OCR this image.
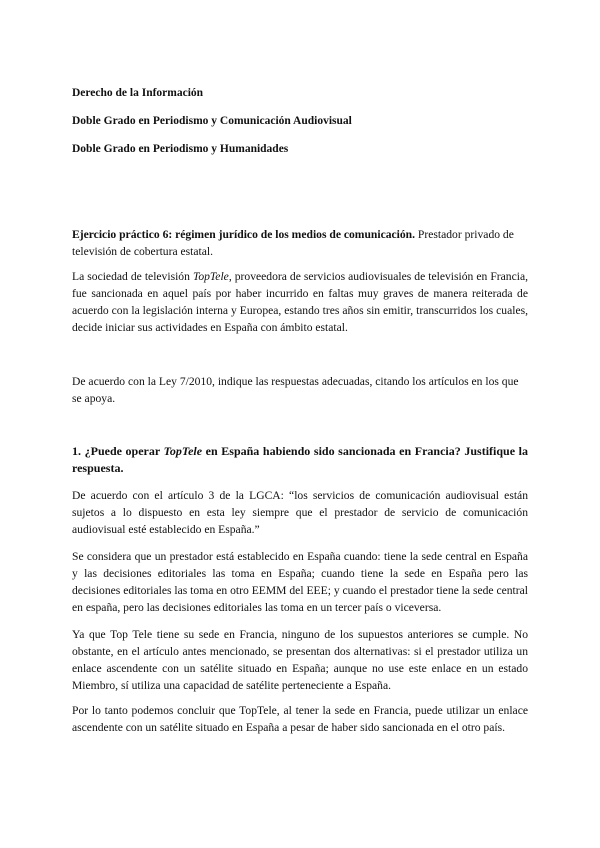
Derecho de la Información
Doble Grado en Periodismo y Comunicación Audiovisual
Doble Grado en Periodismo y Humanidades

Ejercicio práctico 6: régimen jurídico de los medios de comunicación. Prestador privado de televisión de cobertura estatal.

La sociedad de televisión TopTele, proveedora de servicios audiovisuales de televisión en Francia, fue sancionada en aquel país por haber incurrido en faltas muy graves de manera reiterada de acuerdo con la legislación interna y Europea, estando tres años sin emitir, transcurridos los cuales, decide iniciar sus actividades en España con ámbito estatal.

De acuerdo con la Ley 7/2010, indique las respuestas adecuadas, citando los artículos en los que se apoya.

1. ¿Puede operar TopTele en España habiendo sido sancionada en Francia? Justifique la respuesta.

De acuerdo con el artículo 3 de la LGCA: “los servicios de comunicación audiovisual están sujetos a lo dispuesto en esta ley siempre que el prestador de servicio de comunicación audiovisual esté establecido en España.”

Se considera que un prestador está establecido en España cuando: tiene la sede central en España y las decisiones editoriales las toma en España; cuando tiene la sede en España pero las decisiones editoriales las toma en otro EEMM del EEE; y cuando el prestador tiene la sede central en españa, pero las decisiones editoriales las toma en un tercer país o viceversa.

Ya que Top Tele tiene su sede en Francia, ninguno de los supuestos anteriores se cumple. No obstante, en el artículo antes mencionado, se presentan dos alternativas: si el prestador utiliza un enlace ascendente con un satélite situado en España; aunque no use este enlace en un estado Miembro, sí utiliza una capacidad de satélite perteneciente a España.

Por lo tanto podemos concluir que TopTele, al tener la sede en Francia, puede utilizar un enlace ascendente con un satélite situado en España a pesar de haber sido sancionada en el otro país.
